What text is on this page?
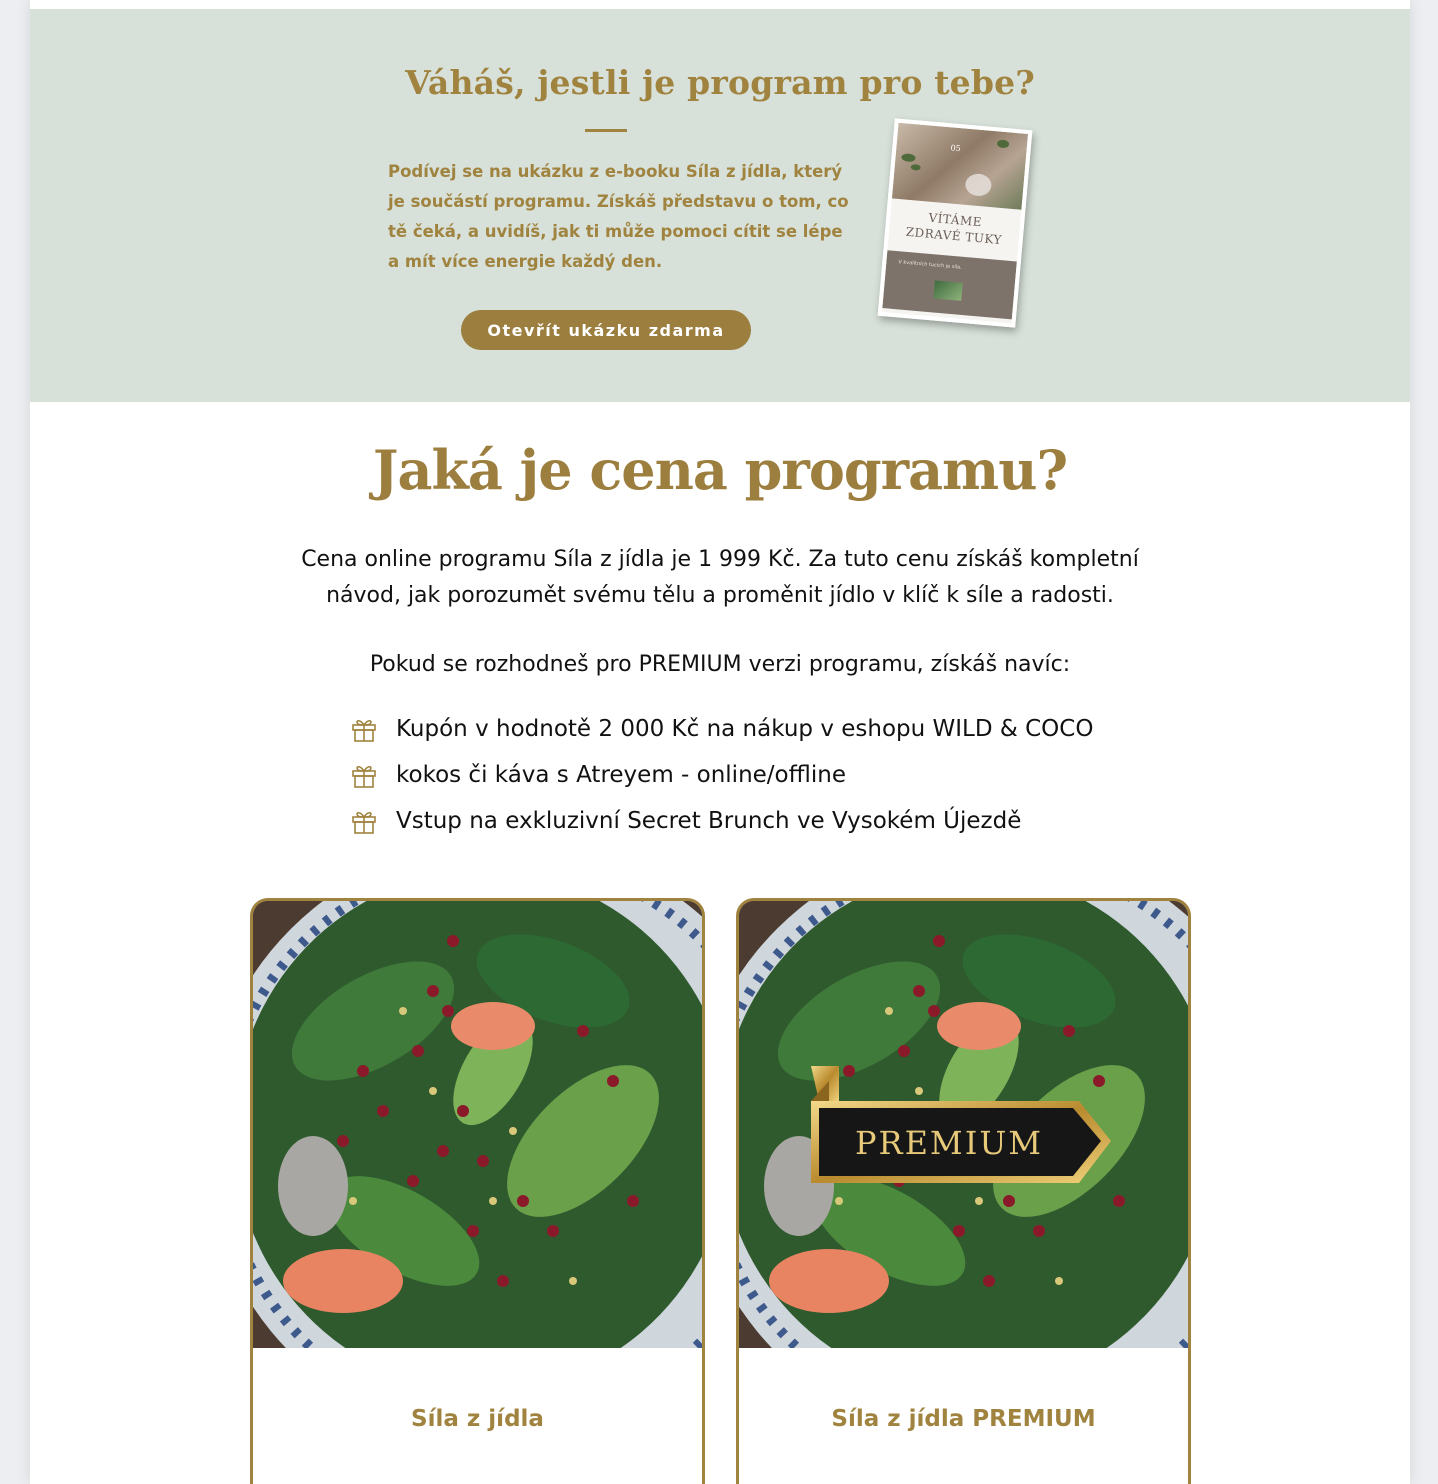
Váháš, jestli je program pro tebe?

Podívej se na ukázku z e-booku Síla z jídla, který je součástí programu. Získáš představu o tom, co tě čeká, a uvidíš, jak ti může pomoci cítit se lépe a mít více energie každý den.

Otevřít ukázku zdarma
05

VÍTÁME
ZDRAVÉ TUKY

V kvalitních tucích je síla.
Jaká je cena programu?

Cena online programu Síla z jídla je 1 999 Kč. Za tuto cenu získáš kompletní
návod, jak porozumět svému tělu a proměnit jídlo v klíč k síle a radosti.

Pokud se rozhodneš pro PREMIUM verzi programu, získáš navíc:

Kupón v hodnotě 2 000 Kč na nákup v eshopu WILD & COCO
kokos či káva s Atreyem - online/offline
Vstup na exkluzivní Secret Brunch ve Vysokém Újezdě
Síla z jídla
PREMIUM
Síla z jídla PREMIUM
